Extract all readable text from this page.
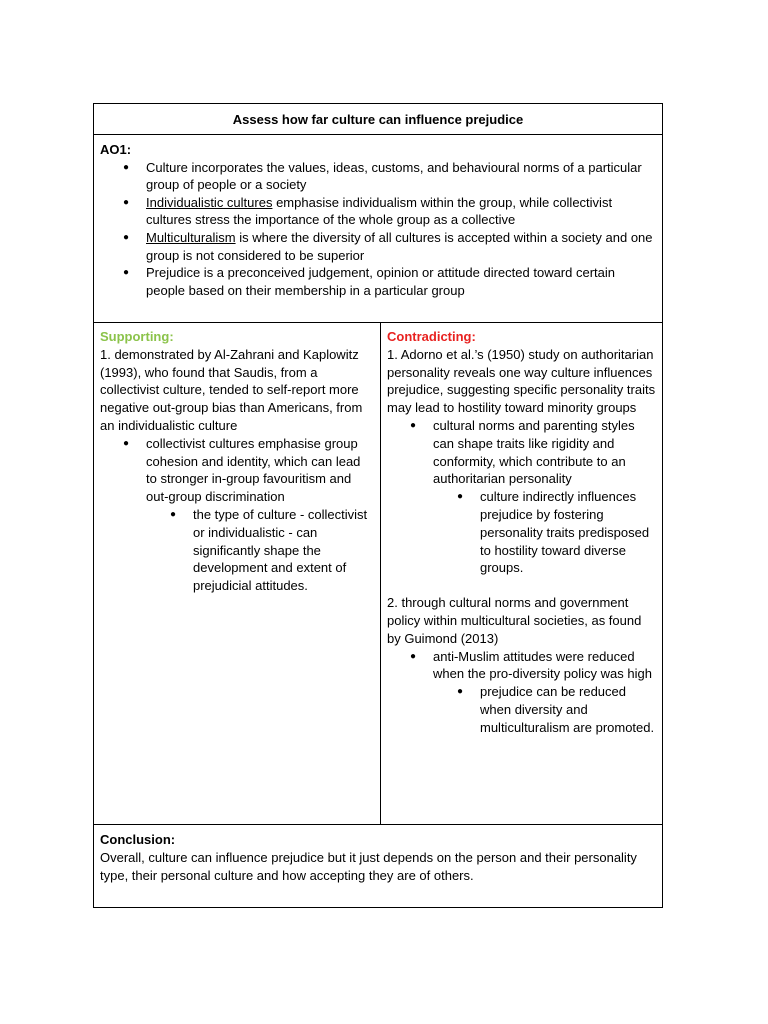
Assess how far culture can influence prejudice
AO1:
● Culture incorporates the values, ideas, customs, and behavioural norms of a particular group of people or a society
● Individualistic cultures emphasise individualism within the group, while collectivist cultures stress the importance of the whole group as a collective
● Multiculturalism is where the diversity of all cultures is accepted within a society and one group is not considered to be superior
● Prejudice is a preconceived judgement, opinion or attitude directed toward certain people based on their membership in a particular group
Supporting:
1. demonstrated by Al-Zahrani and Kaplowitz (1993), who found that Saudis, from a collectivist culture, tended to self-report more negative out-group bias than Americans, from an individualistic culture
● collectivist cultures emphasise group cohesion and identity, which can lead to stronger in-group favouritism and out-group discrimination
● the type of culture - collectivist or individualistic - can significantly shape the development and extent of prejudicial attitudes.
Contradicting:
1. Adorno et al.’s (1950) study on authoritarian personality reveals one way culture influences prejudice, suggesting specific personality traits may lead to hostility toward minority groups
● cultural norms and parenting styles can shape traits like rigidity and conformity, which contribute to an authoritarian personality
● culture indirectly influences prejudice by fostering personality traits predisposed to hostility toward diverse groups.
2. through cultural norms and government policy within multicultural societies, as found by Guimond (2013)
● anti-Muslim attitudes were reduced when the pro-diversity policy was high
● prejudice can be reduced when diversity and multiculturalism are promoted.
Conclusion:
Overall, culture can influence prejudice but it just depends on the person and their personality type, their personal culture and how accepting they are of others.
